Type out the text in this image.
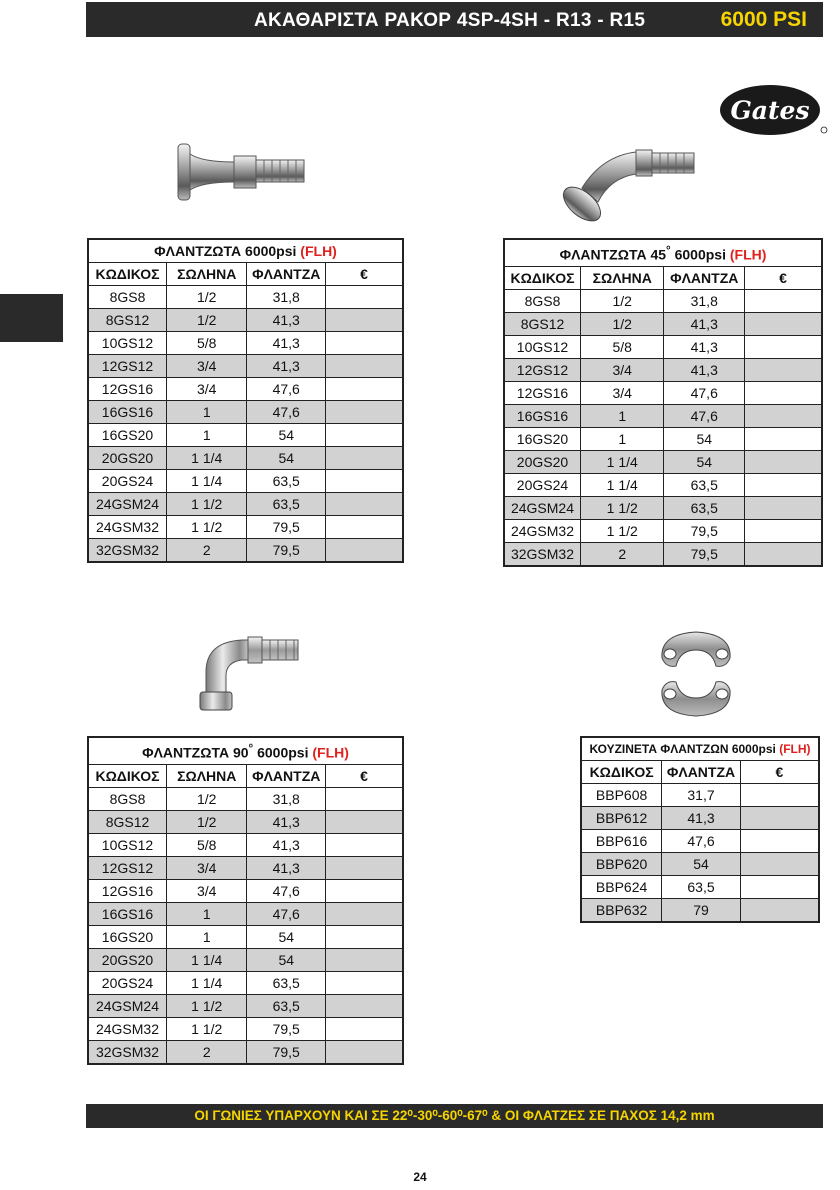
ΑΚΑΘΑΡΙΣΤΑ ΡΑΚΟΡ 4SP-4SH - R13 - R15	6000 PSI
Gates
ΦΛΑΝΤΖΩΤΑ 6000psi (FLH)			
ΚΩΔΙΚΟΣ	ΣΩΛΗΝΑ	ΦΛΑΝΤΖΑ	€
8GS8	1/2	31,8	
8GS12	1/2	41,3	
10GS12	5/8	41,3	
12GS12	3/4	41,3	
12GS16	3/4	47,6	
16GS16	1	47,6	
16GS20	1	54	
20GS20	1 1/4	54	
20GS24	1 1/4	63,5	
24GSM24	1 1/2	63,5	
24GSM32	1 1/2	79,5	
32GSM32	2	79,5	
ΦΛΑΝΤΖΩΤΑ 45° 6000psi (FLH)			
ΚΩΔΙΚΟΣ	ΣΩΛΗΝΑ	ΦΛΑΝΤΖΑ	€
8GS8	1/2	31,8	
8GS12	1/2	41,3	
10GS12	5/8	41,3	
12GS12	3/4	41,3	
12GS16	3/4	47,6	
16GS16	1	47,6	
16GS20	1	54	
20GS20	1 1/4	54	
20GS24	1 1/4	63,5	
24GSM24	1 1/2	63,5	
24GSM32	1 1/2	79,5	
32GSM32	2	79,5	
ΦΛΑΝΤΖΩΤΑ 90° 6000psi (FLH)			
ΚΩΔΙΚΟΣ	ΣΩΛΗΝΑ	ΦΛΑΝΤΖΑ	€
8GS8	1/2	31,8	
8GS12	1/2	41,3	
10GS12	5/8	41,3	
12GS12	3/4	41,3	
12GS16	3/4	47,6	
16GS16	1	47,6	
16GS20	1	54	
20GS20	1 1/4	54	
20GS24	1 1/4	63,5	
24GSM24	1 1/2	63,5	
24GSM32	1 1/2	79,5	
32GSM32	2	79,5	
ΚΟΥΖΙΝΕΤΑ ΦΛΑΝΤΖΩΝ 6000psi (FLH)		
ΚΩΔΙΚΟΣ	ΦΛΑΝΤΖΑ	€
BBP608	31,7	
BBP612	41,3	
BBP616	47,6	
BBP620	54	
BBP624	63,5	
BBP632	79	
ΟΙ ΓΩΝΙΕΣ ΥΠΑΡΧΟΥΝ ΚΑΙ ΣΕ 22⁰-30⁰-60⁰-67⁰ & ΟΙ ΦΛΑΤΖΕΣ ΣΕ ΠΑΧΟΣ 14,2 mm
24
